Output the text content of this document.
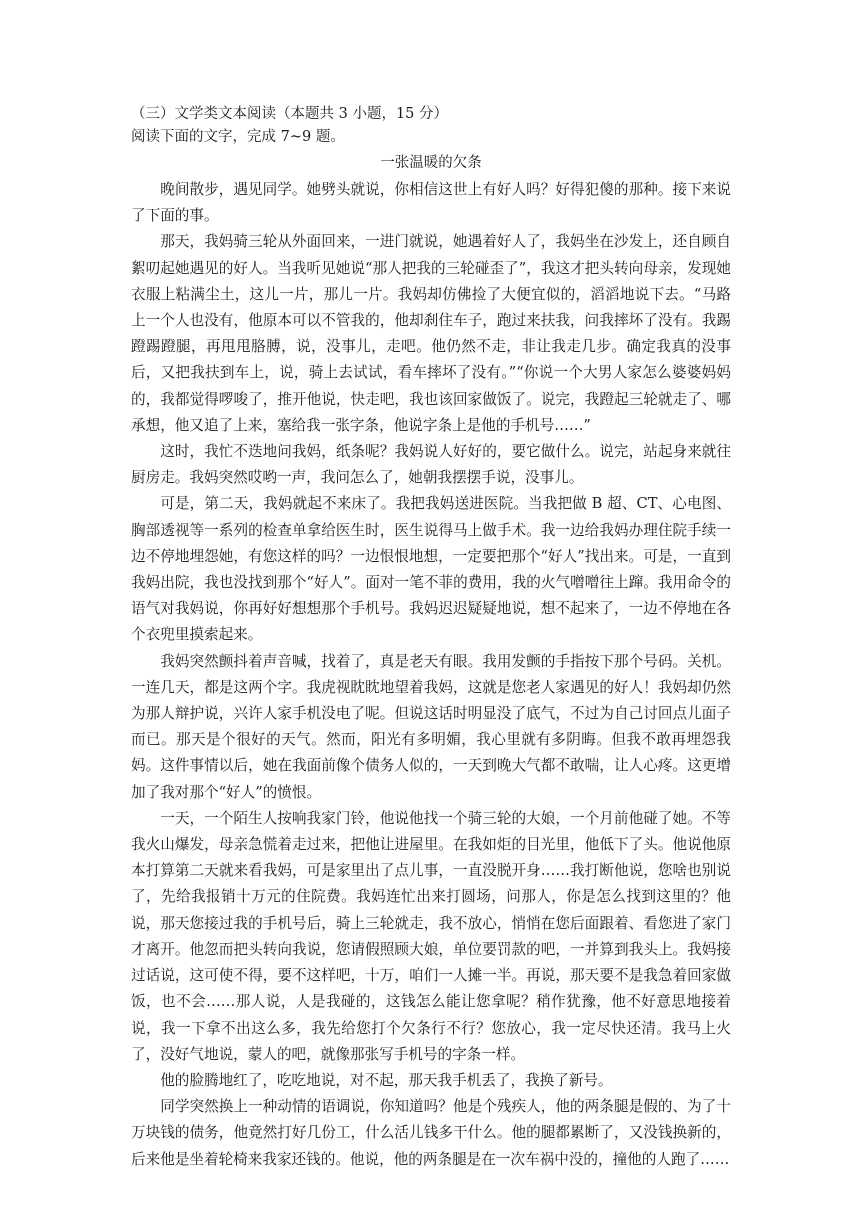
（三）文学类文本阅读（本题共 3 小题，15 分）

阅读下面的文字，完成 7~9 题。

一张温暖的欠条

晚间散步，遇见同学。她劈头就说，你相信这世上有好人吗？好得犯傻的那种。接下来说了下面的事。

那天，我妈骑三轮从外面回来，一进门就说，她遇着好人了，我妈坐在沙发上，还自顾自絮叨起她遇见的好人。当我听见她说“那人把我的三轮碰歪了”，我这才把头转向母亲，发现她衣服上粘满尘土，这儿一片，那儿一片。我妈却仿佛捡了大便宜似的，滔滔地说下去。“马路上一个人也没有，他原本可以不管我的，他却刹住车子，跑过来扶我，问我摔坏了没有。我踢蹬踢蹬腿，再甩甩胳膊，说，没事儿，走吧。他仍然不走，非让我走几步。确定我真的没事后，又把我扶到车上，说，骑上去试试，看车摔坏了没有。”“你说一个大男人家怎么婆婆妈妈的，我都觉得啰唆了，推开他说，快走吧，我也该回家做饭了。说完，我蹬起三轮就走了、哪承想，他又追了上来，塞给我一张字条，他说字条上是他的手机号……”

这时，我忙不迭地问我妈，纸条呢？我妈说人好好的，要它做什么。说完，站起身来就往厨房走。我妈突然哎哟一声，我问怎么了，她朝我摆摆手说，没事儿。

可是，第二天，我妈就起不来床了。我把我妈送进医院。当我把做 B 超、CT、心电图、胸部透视等一系列的检查单拿给医生时，医生说得马上做手术。我一边给我妈办理住院手续一边不停地埋怨她，有您这样的吗？一边恨恨地想，一定要把那个“好人”找出来。可是，一直到我妈出院，我也没找到那个“好人”。面对一笔不菲的费用，我的火气噌噌往上蹿。我用命令的语气对我妈说，你再好好想想那个手机号。我妈迟迟疑疑地说，想不起来了，一边不停地在各个衣兜里摸索起来。

我妈突然颤抖着声音喊，找着了，真是老天有眼。我用发颤的手指按下那个号码。关机。一连几天，都是这两个字。我虎视眈眈地望着我妈，这就是您老人家遇见的好人！我妈却仍然为那人辩护说，兴许人家手机没电了呢。但说这话时明显没了底气，不过为自己讨回点儿面子而已。那天是个很好的天气。然而，阳光有多明媚，我心里就有多阴晦。但我不敢再埋怨我妈。这件事情以后，她在我面前像个债务人似的，一天到晚大气都不敢喘，让人心疼。这更增加了我对那个“好人”的愤恨。

一天，一个陌生人按响我家门铃，他说他找一个骑三轮的大娘，一个月前他碰了她。不等我火山爆发，母亲急慌着走过来，把他让进屋里。在我如炬的目光里，他低下了头。他说他原本打算第二天就来看我妈，可是家里出了点儿事，一直没脱开身……我打断他说，您啥也别说了，先给我报销十万元的住院费。我妈连忙出来打圆场，问那人，你是怎么找到这里的？他说，那天您接过我的手机号后，骑上三轮就走，我不放心，悄悄在您后面跟着、看您进了家门才离开。他忽而把头转向我说，您请假照顾大娘，单位要罚款的吧，一并算到我头上。我妈接过话说，这可使不得，要不这样吧，十万，咱们一人摊一半。再说，那天要不是我急着回家做饭，也不会……那人说，人是我碰的，这钱怎么能让您拿呢？稍作犹豫，他不好意思地接着说，我一下拿不出这么多，我先给您打个欠条行不行？您放心，我一定尽快还清。我马上火了，没好气地说，蒙人的吧，就像那张写手机号的字条一样。

他的脸腾地红了，吃吃地说，对不起，那天我手机丢了，我换了新号。

同学突然换上一种动情的语调说，你知道吗？他是个残疾人，他的两条腿是假的、为了十万块钱的债务，他竟然打好几份工，什么活儿钱多干什么。他的腿都累断了，又没钱换新的，后来他是坐着轮椅来我家还钱的。他说，他的两条腿是在一次车祸中没的，撞他的人跑了……
